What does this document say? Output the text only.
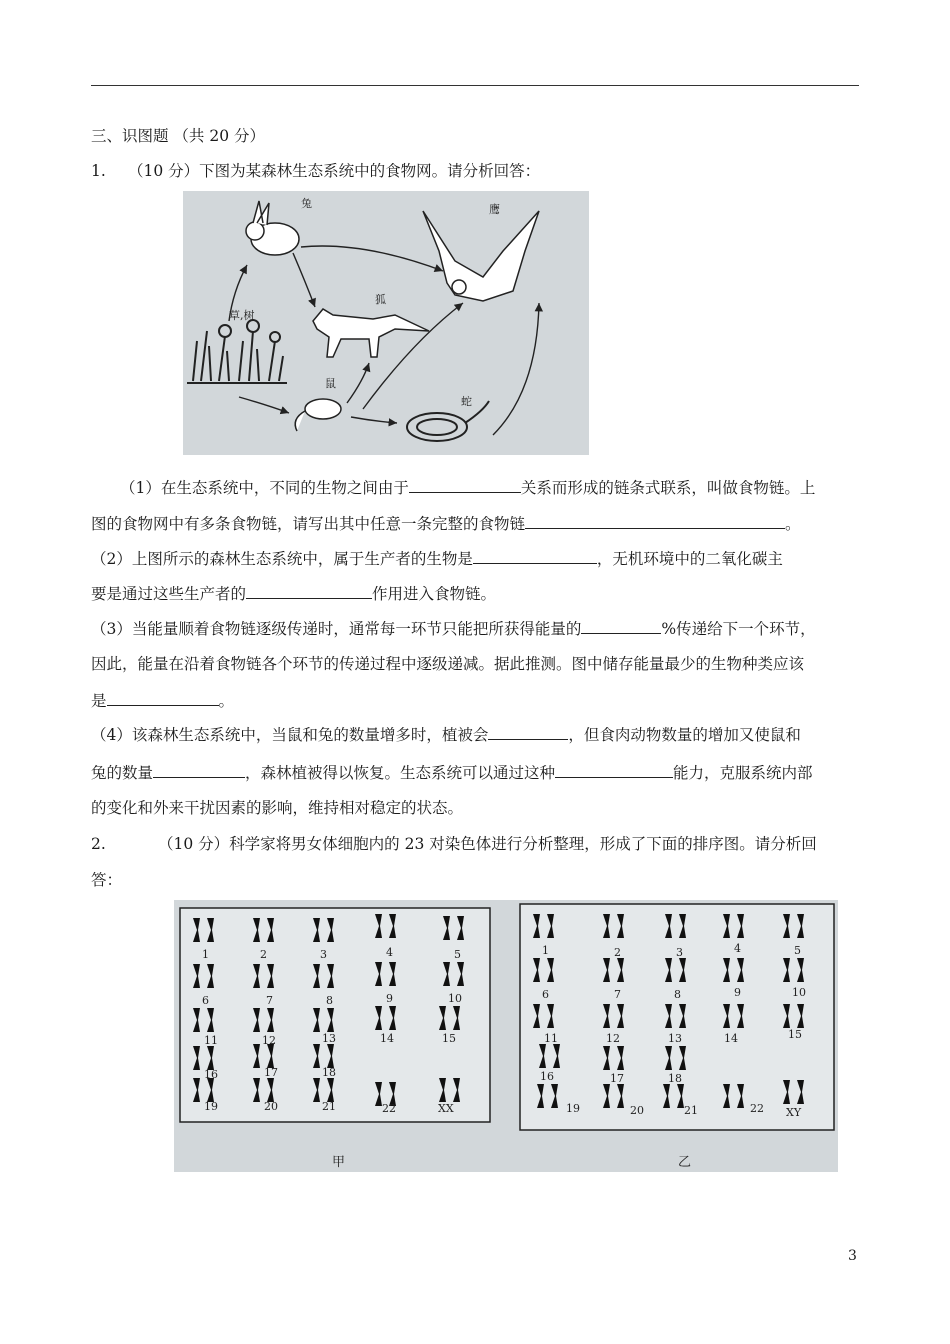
三、识图题 （共 20 分）
1. （10 分）下图为某森林生态系统中的食物网。请分析回答：
草,树
兔	鹰
狐
鼠
蛇
（1）在生态系统中，不同的生物之间由于	关系而形成的链条式联系，叫做食物链。上
图的食物网中有多条食物链，请写出其中任意一条完整的食物链	。
（2）上图所示的森林生态系统中，属于生产者的生物是	，无机环境中的二氧化碳主
要是通过这些生产者的	作用进入食物链。
（3）当能量顺着食物链逐级传递时，通常每一环节只能把所获得能量的	%传递给下一个环节，
因此，能量在沿着食物链各个环节的传递过程中逐级递减。据此推测。图中储存能量最少的生物种类应该
是	。
（4）该森林生态系统中，当鼠和兔的数量增多时，植被会	，但食肉动物数量的增加又使鼠和
兔的数量	，森林植被得以恢复。生态系统可以通过这种	能力，克服系统内部
的变化和外来干扰因素的影响，维持相对稳定的状态。
2.	（10 分）科学家将男女体细胞内的 23 对染色体进行分析整理，形成了下面的排序图。请分析回
答：
1	2	3	4	5
6	7	8	9	10
11	12	13	14	15
16	17	18
19	20	21	22	XX
6	7	8	9	10
1	2	3	4	5
11	12	13	14	15
16	17	18
19	20	21	22 XY
甲	乙
3
